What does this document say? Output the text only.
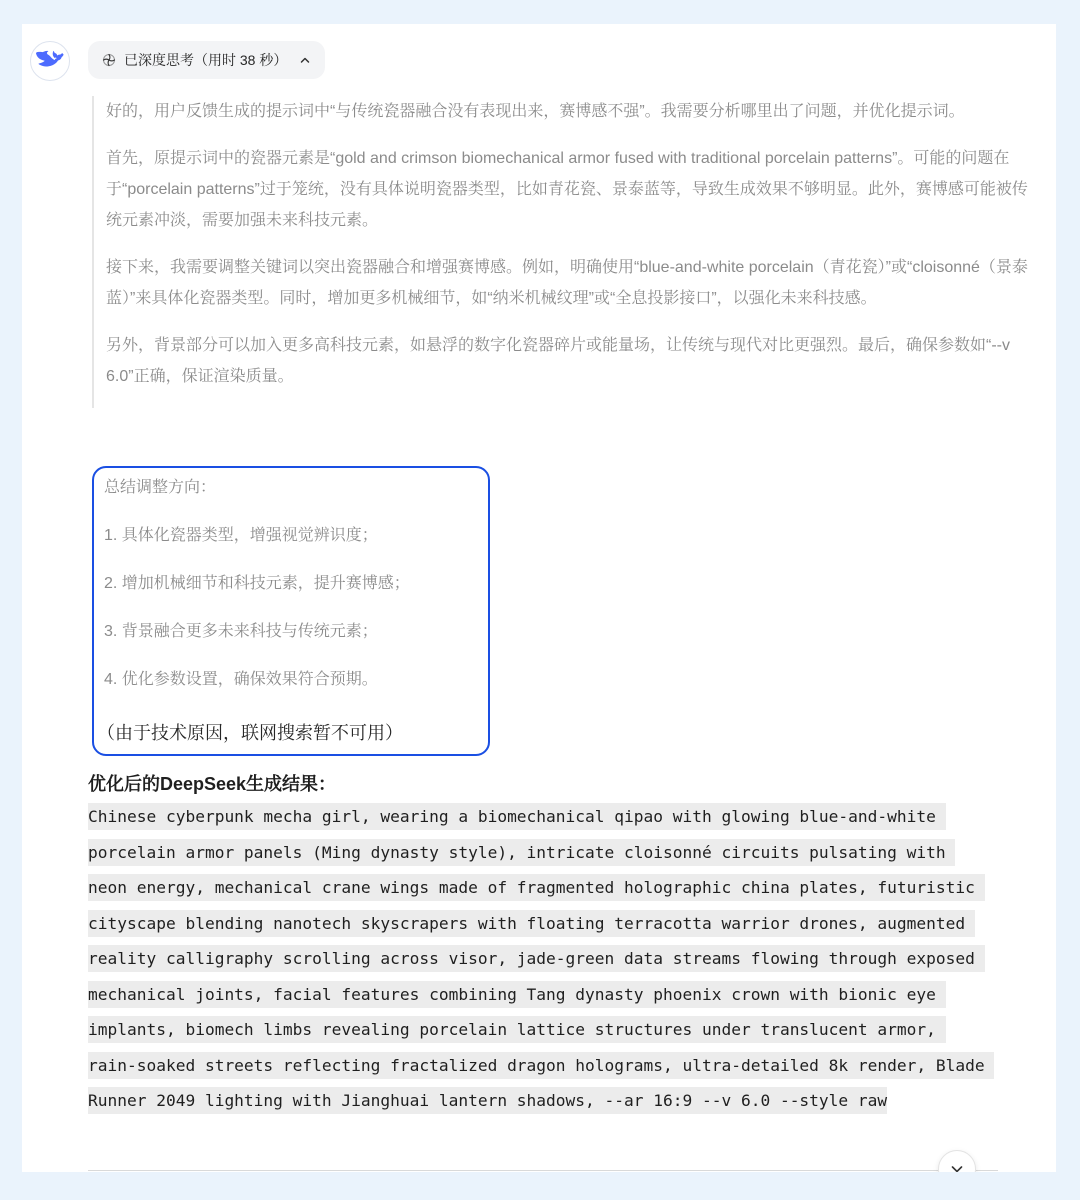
已深度思考（用时 38 秒）

好的，用户反馈生成的提示词中“与传统瓷器融合没有表现出来，赛博感不强”。我需要分析哪里出了问题，并优化提示词。

首先，原提示词中的瓷器元素是“gold and crimson biomechanical armor fused with traditional porcelain patterns”。可能的问题在于“porcelain patterns”过于笼统，没有具体说明瓷器类型，比如青花瓷、景泰蓝等，导致生成效果不够明显。此外，赛博感可能被传统元素冲淡，需要加强未来科技元素。

接下来，我需要调整关键词以突出瓷器融合和增强赛博感。例如，明确使用“blue-and-white porcelain（青花瓷）”或“cloisonné（景泰蓝）”来具体化瓷器类型。同时，增加更多机械细节，如“纳米机械纹理”或“全息投影接口”，以强化未来科技感。

另外，背景部分可以加入更多高科技元素，如悬浮的数字化瓷器碎片或能量场，让传统与现代对比更强烈。最后，确保参数如“--v 6.0”正确，保证渲染质量。

总结调整方向：
1. 具体化瓷器类型，增强视觉辨识度；
2. 增加机械细节和科技元素，提升赛博感；
3. 背景融合更多未来科技与传统元素；
4. 优化参数设置，确保效果符合预期。
（由于技术原因，联网搜索暂不可用）
优化后的DeepSeek生成结果：

Chinese cyberpunk mecha girl, wearing a biomechanical qipao with glowing blue-and-white porcelain armor panels (Ming dynasty style), intricate cloisonné circuits pulsating with neon energy, mechanical crane wings made of fragmented holographic china plates, futuristic cityscape blending nanotech skyscrapers with floating terracotta warrior drones, augmented reality calligraphy scrolling across visor, jade-green data streams flowing through exposed mechanical joints, facial features combining Tang dynasty phoenix crown with bionic eye implants, biomech limbs revealing porcelain lattice structures under translucent armor, rain-soaked streets reflecting fractalized dragon holograms, ultra-detailed 8k render, Blade Runner 2049 lighting with Jianghuai lantern shadows, --ar 16:9 --v 6.0 --style raw
